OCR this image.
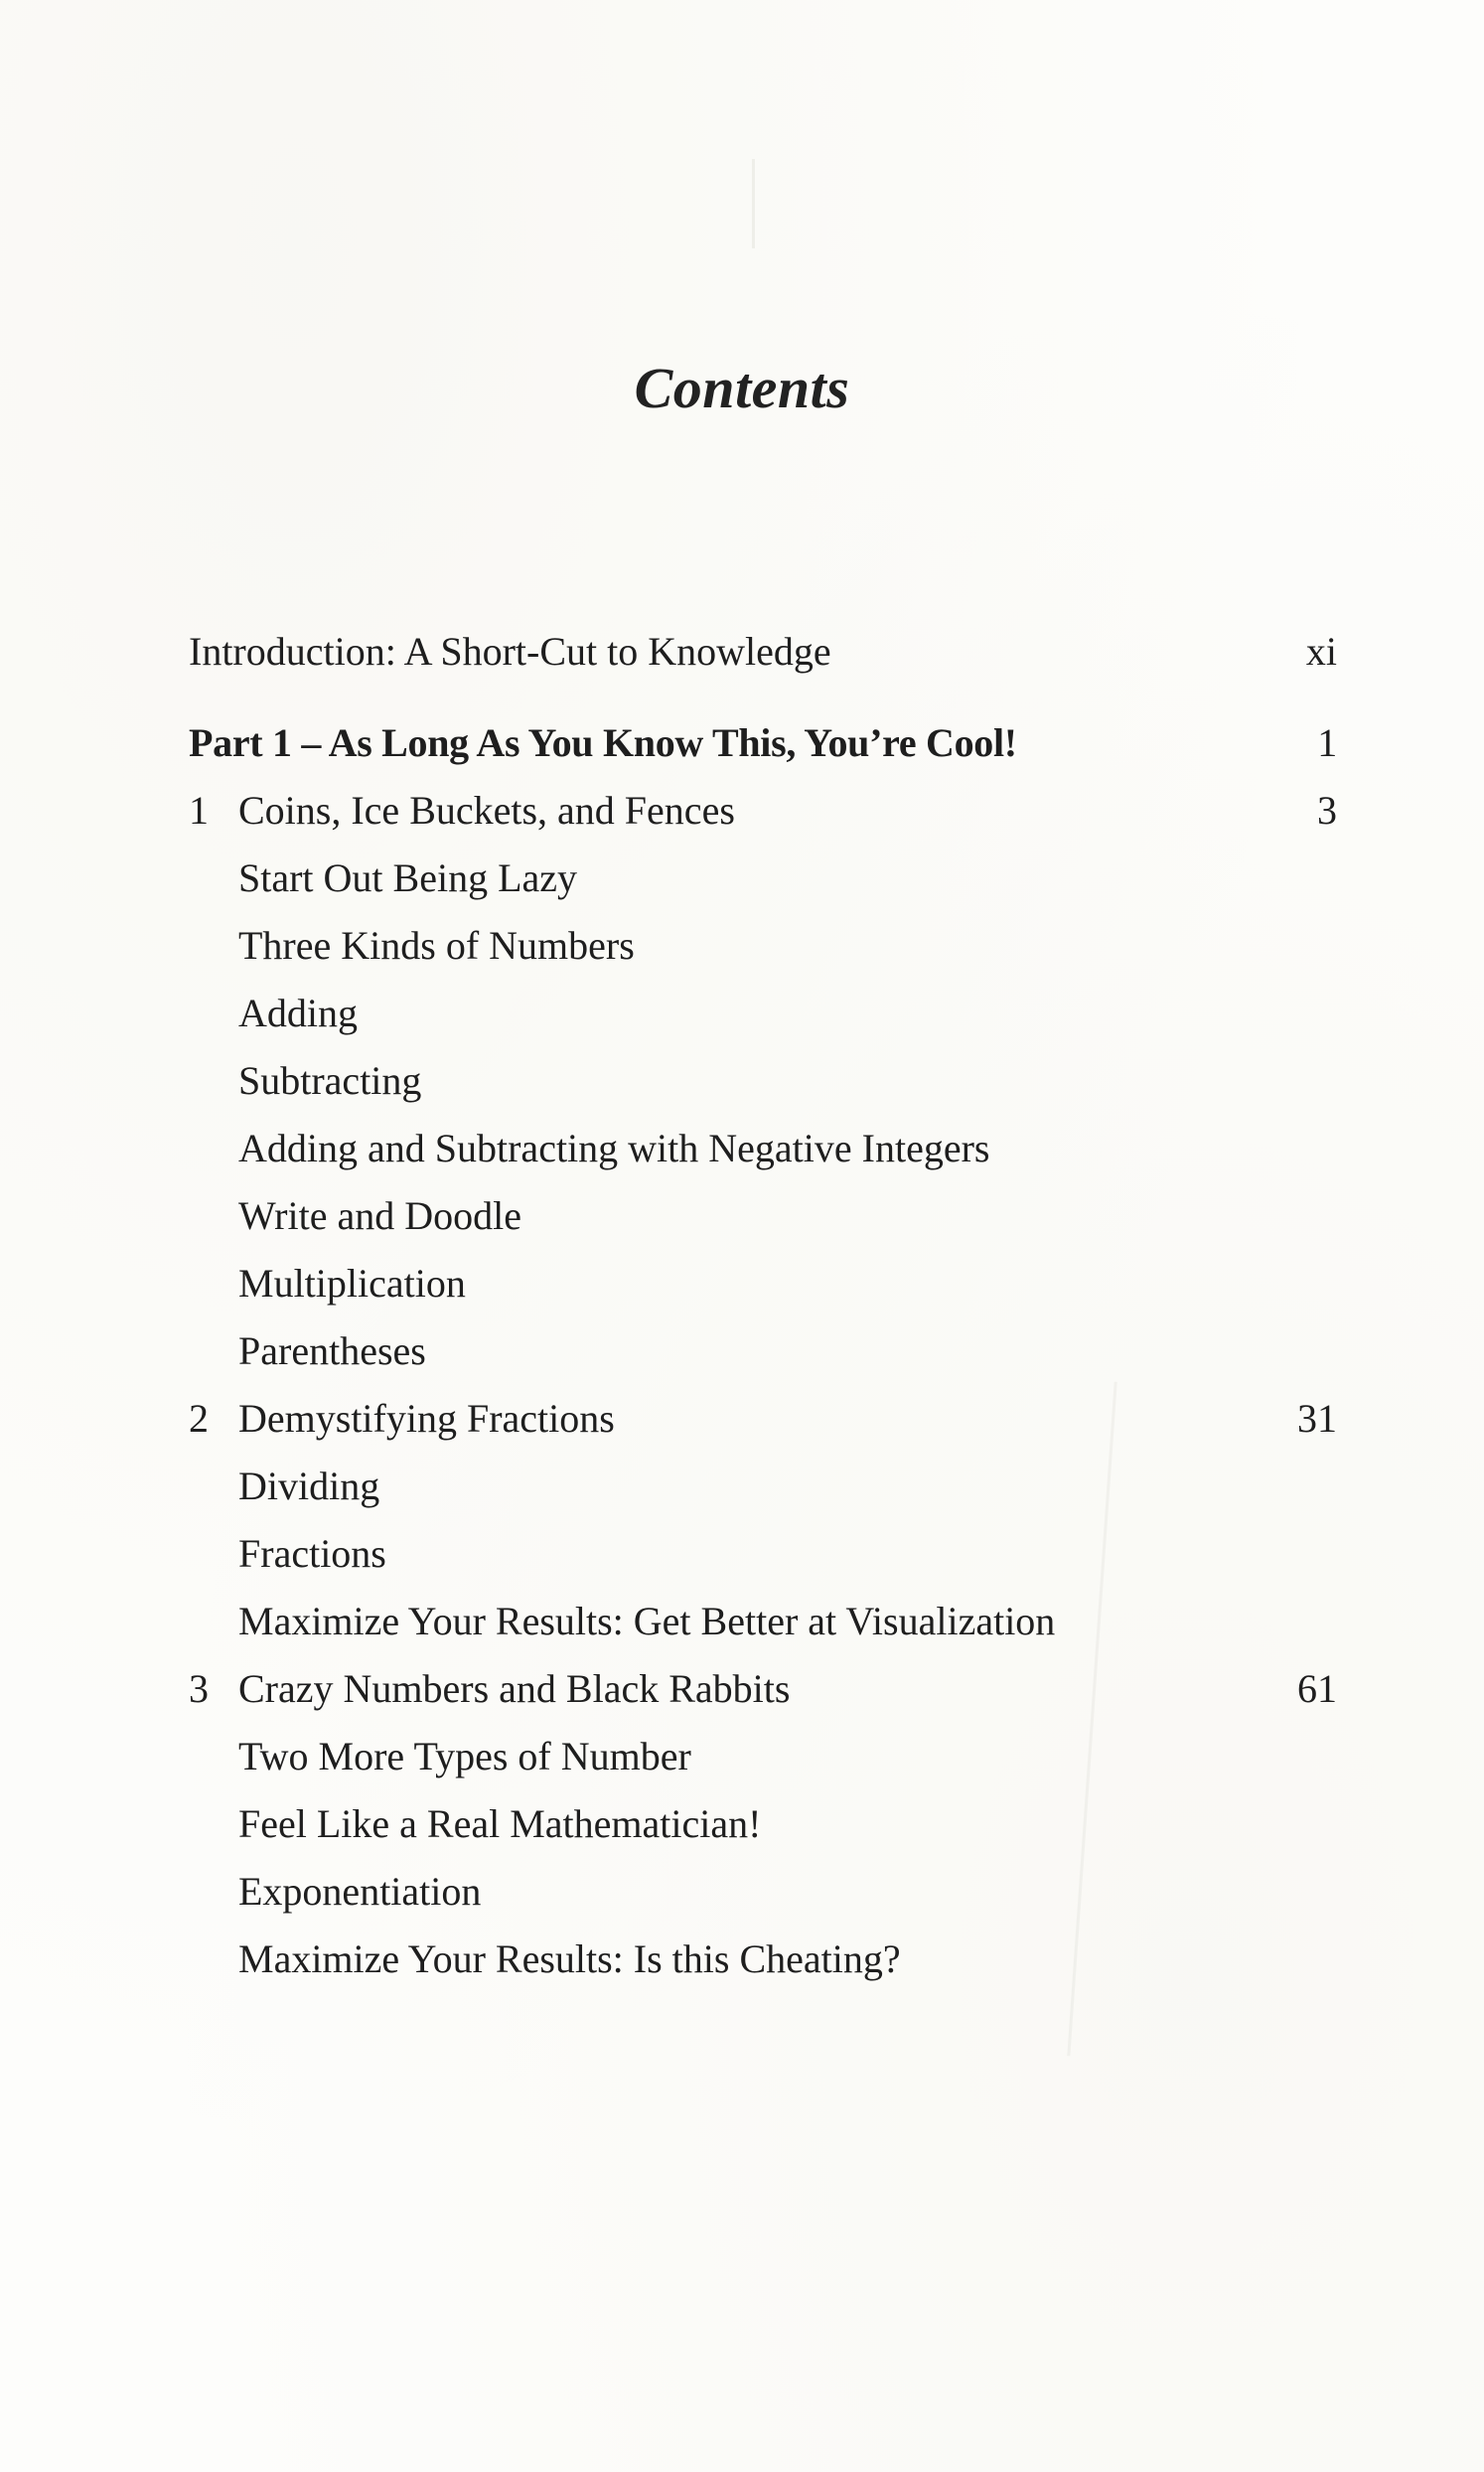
Contents
Introduction: A Short-Cut to Knowledge	xi
Part 1 – As Long As You Know This, You’re Cool!	1
1 Coins, Ice Buckets, and Fences	3
Start Out Being Lazy
Three Kinds of Numbers
Adding
Subtracting
Adding and Subtracting with Negative Integers
Write and Doodle
Multiplication
Parentheses
2 Demystifying Fractions	31
Dividing
Fractions
Maximize Your Results: Get Better at Visualization
3 Crazy Numbers and Black Rabbits	61
Two More Types of Number
Feel Like a Real Mathematician!
Exponentiation
Maximize Your Results: Is this Cheating?
